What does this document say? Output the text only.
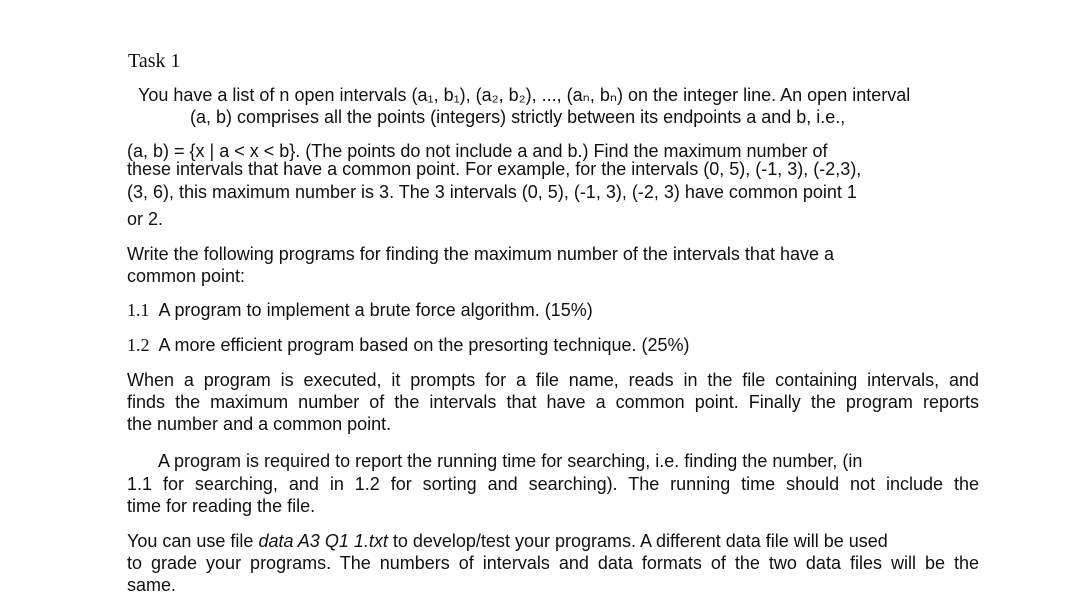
Task 1
You have a list of n open intervals (a₁, b₁), (a₂, b₂), ..., (aₙ, bₙ) on the integer line. An open interval
(a, b) comprises all the points (integers) strictly between its endpoints a and b, i.e.,
(a, b) = {x | a < x < b}. (The points do not include a and b.) Find the maximum number of
these intervals that have a common point. For example, for the intervals (0, 5), (-1, 3), (-2,3),
(3, 6), this maximum number is 3. The 3 intervals (0, 5), (-1, 3), (-2, 3) have common point 1
or 2.
Write the following programs for finding the maximum number of the intervals that have a
common point:
1.1 A program to implement a brute force algorithm. (15%)
1.2 A more efficient program based on the presorting technique. (25%)
When a program is executed, it prompts for a file name, reads in the file containing intervals, and
finds the maximum number of the intervals that have a common point. Finally the program reports
the number and a common point.
A program is required to report the running time for searching, i.e. finding the number, (in
1.1 for searching, and in 1.2 for sorting and searching). The running time should not include the
time for reading the file.
You can use file data A3 Q1 1.txt to develop/test your programs. A different data file will be used
to grade your programs. The numbers of intervals and data formats of the two data files will be the
same.
